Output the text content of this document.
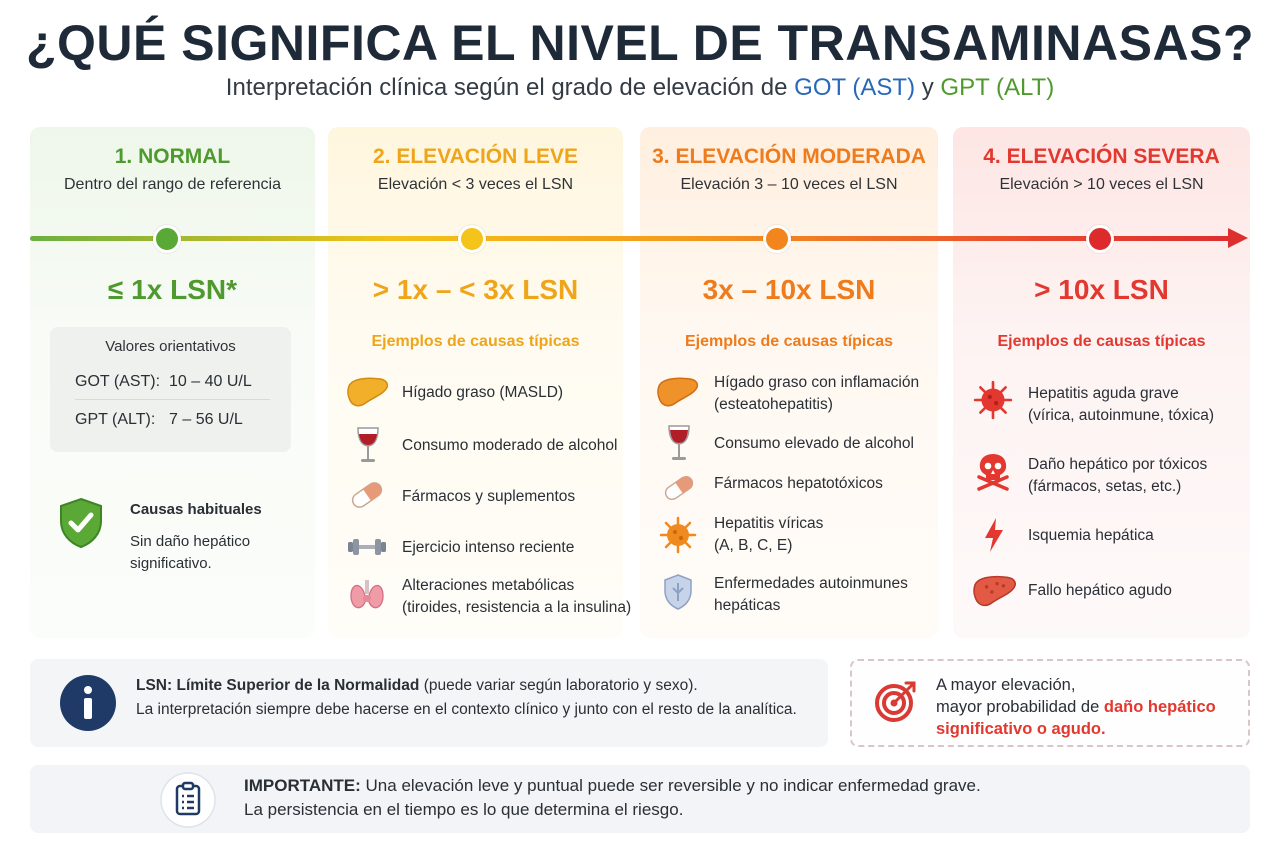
¿QUÉ SIGNIFICA EL NIVEL DE TRANSAMINASAS?
Interpretación clínica según el grado de elevación de GOT (AST) y GPT (ALT)
1. NORMAL
Dentro del rango de referencia
≤ 1x LSN*
2. ELEVACIÓN LEVE
Elevación < 3 veces el LSN
> 1x – < 3x LSN
Ejemplos de causas típicas
3. ELEVACIÓN MODERADA
Elevación 3 – 10 veces el LSN
3x – 10x LSN
Ejemplos de causas típicas
4. ELEVACIÓN SEVERA
Elevación > 10 veces el LSN
> 10x LSN
Ejemplos de causas típicas
Valores orientativos
GOT (AST): 10 – 40 U/L
GPT (ALT): 7 – 56 U/L
Causas habituales
Sin daño hepático
significativo.
Hígado graso (MASLD)
Consumo moderado de alcohol
Fármacos y suplementos
Ejercicio intenso reciente
Alteraciones metabólicas
(tiroides, resistencia a la insulina)
Hígado graso con inflamación
(esteatohepatitis)
Consumo elevado de alcohol
Fármacos hepatotóxicos
Hepatitis víricas
(A, B, C, E)
Enfermedades autoinmunes
hepáticas
Hepatitis aguda grave
(vírica, autoinmune, tóxica)
Daño hepático por tóxicos
(fármacos, setas, etc.)
Isquemia hepática
Fallo hepático agudo
LSN: Límite Superior de la Normalidad (puede variar según laboratorio y sexo).
La interpretación siempre debe hacerse en el contexto clínico y junto con el resto de la analítica.
A mayor elevación,
mayor probabilidad de daño hepático significativo o agudo.
IMPORTANTE: Una elevación leve y puntual puede ser reversible y no indicar enfermedad grave.
La persistencia en el tiempo es lo que determina el riesgo.
